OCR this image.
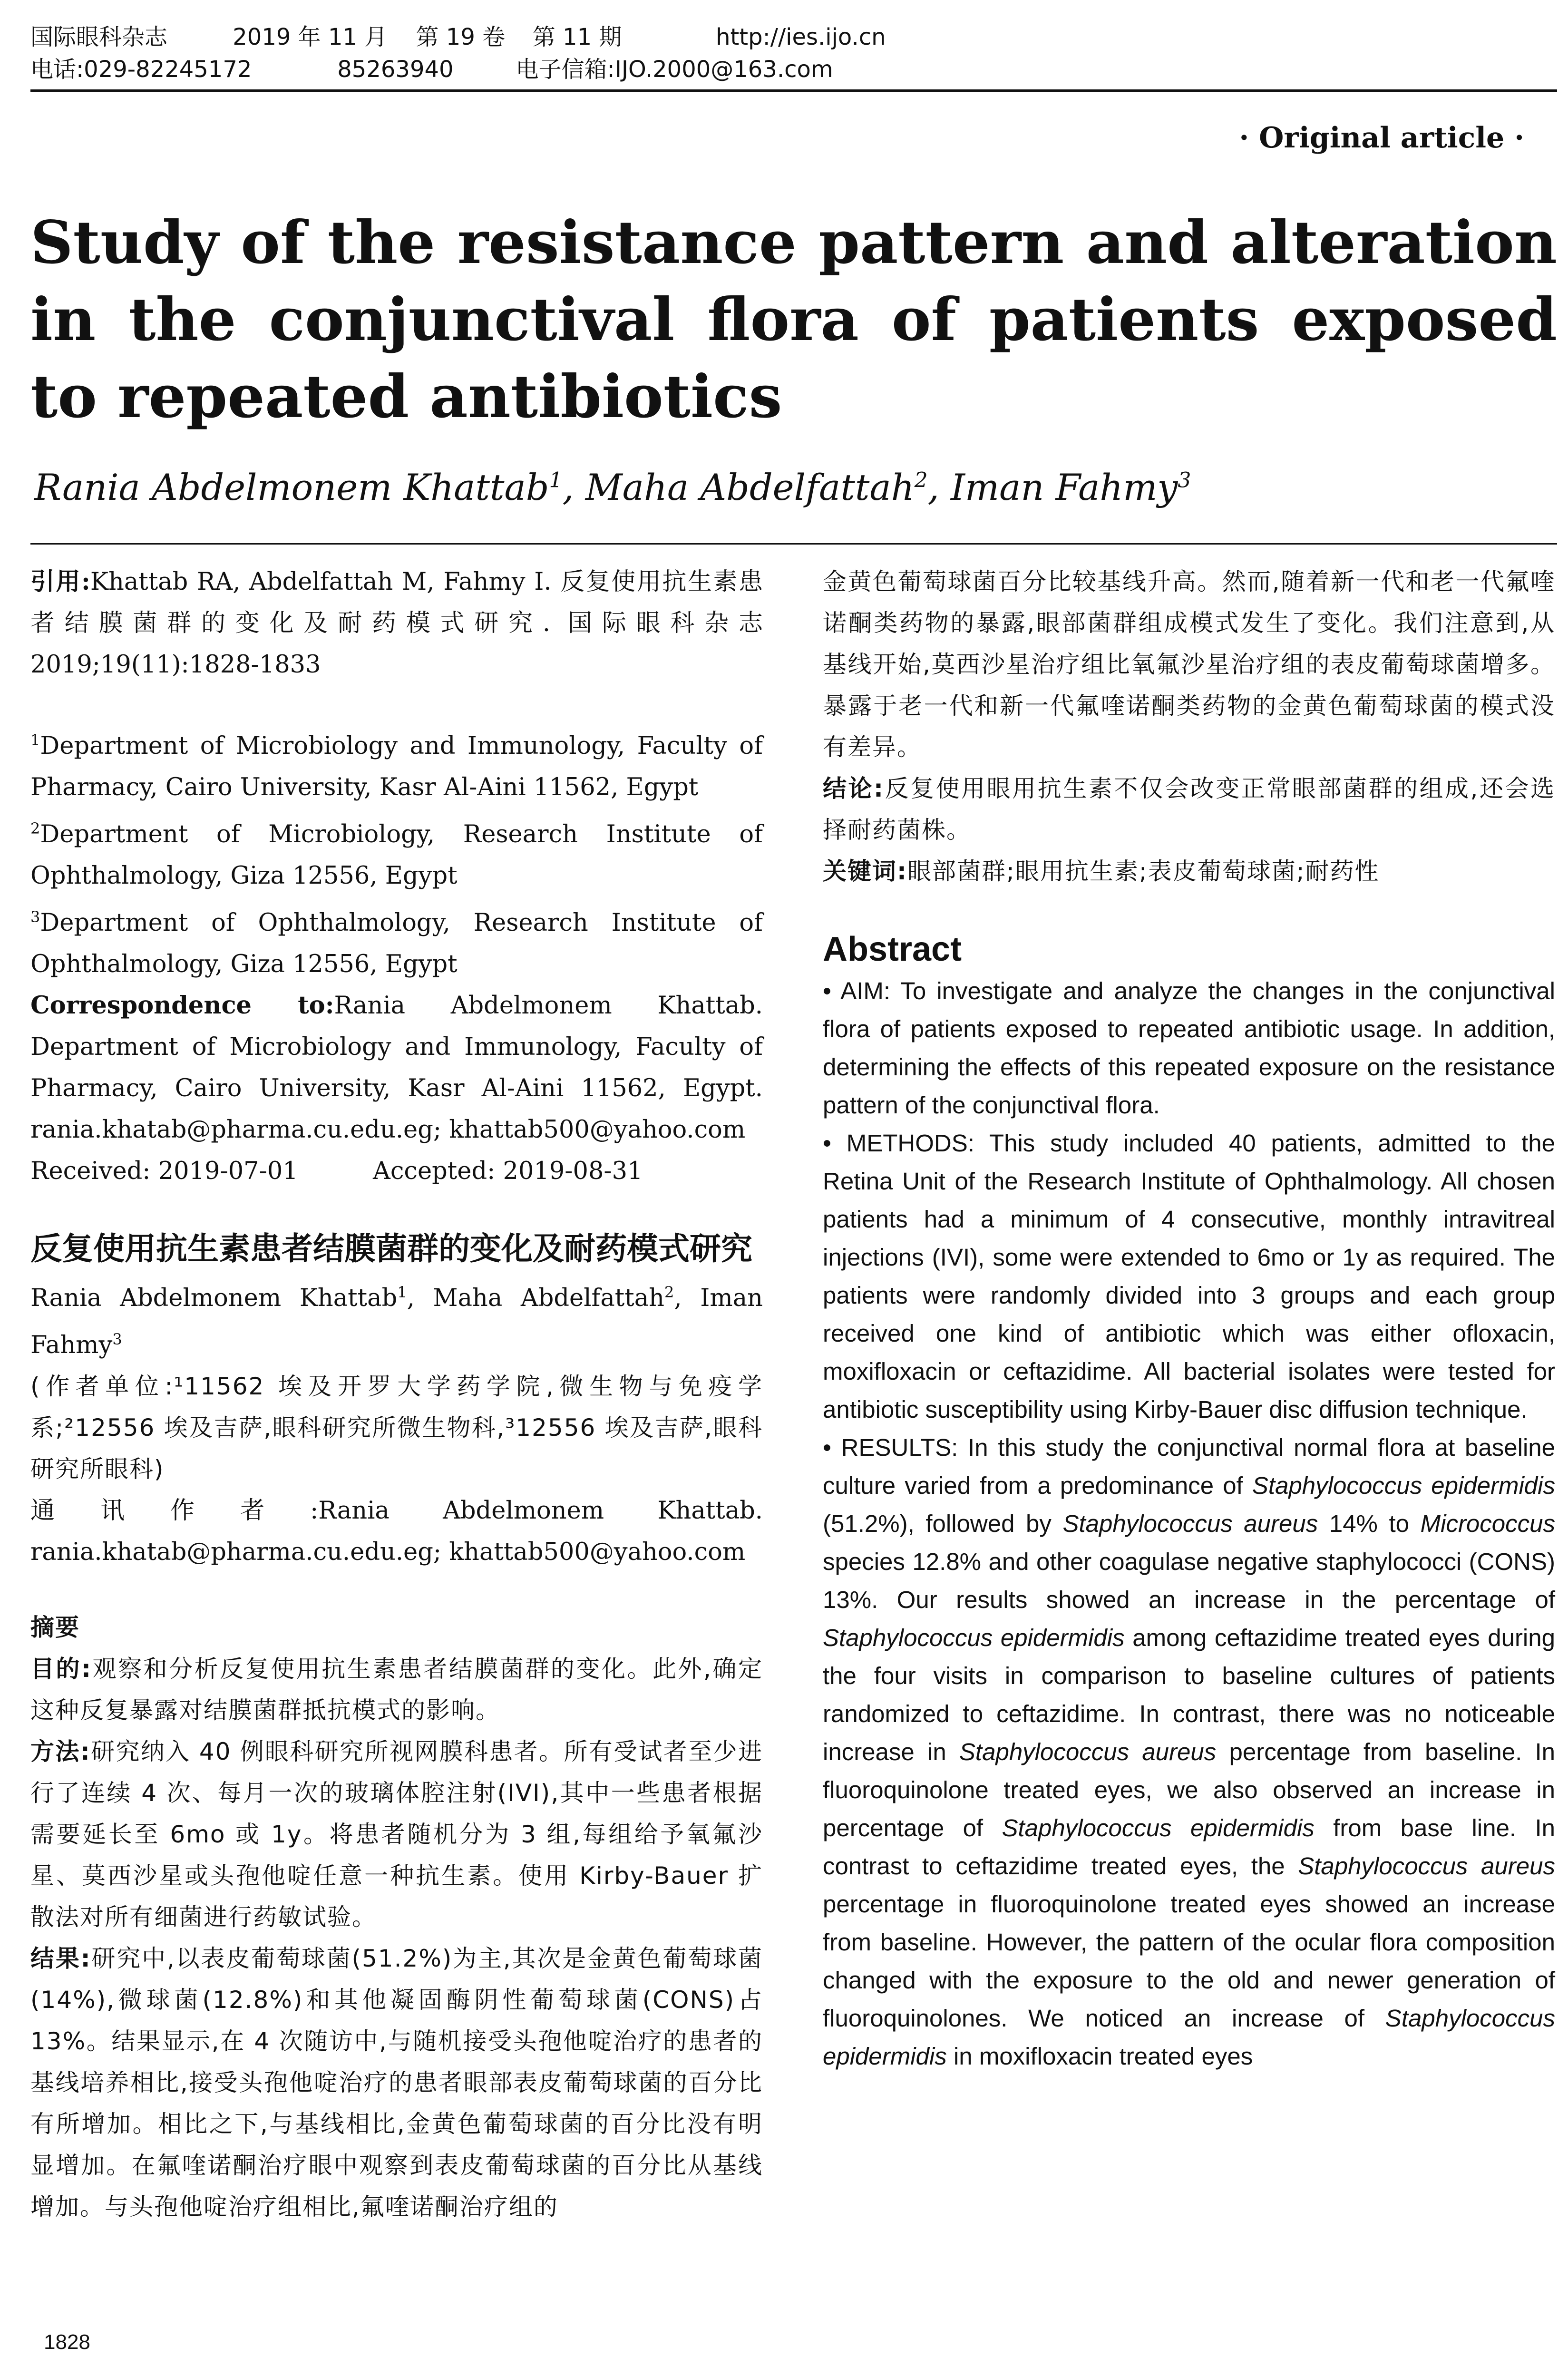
国际眼科杂志	2019 年 11 月 第 19 卷 第 11 期	http://ies.ijo.cn
电话:029-82245172	85263940	电子信箱:IJO.2000@163.com
· Original article ·
Study of the resistance pattern and alteration in the conjunctival flora of patients exposed to repeated antibiotics
Rania Abdelmonem Khattab$^1$, Maha Abdelfattah$^2$, Iman Fahmy$^3$

引用:Khattab RA, Abdelfattah M, Fahmy I. 反复使用抗生素患者结膜菌群的变化及耐药模式研究. 国际眼科杂志 2019;19(11):1828-1833

$^1$Department of Microbiology and Immunology, Faculty of Pharmacy, Cairo University, Kasr Al-Aini 11562, Egypt

$^2$Department of Microbiology, Research Institute of Ophthalmology, Giza 12556, Egypt

$^3$Department of Ophthalmology, Research Institute of Ophthalmology, Giza 12556, Egypt

Correspondence to:Rania Abdelmonem Khattab. Department of Microbiology and Immunology, Faculty of Pharmacy, Cairo University, Kasr Al-Aini 11562, Egypt. rania.khatab@pharma.cu.edu.eg; khattab500@yahoo.com

Received: 2019-07-01	Accepted: 2019-08-31

反复使用抗生素患者结膜菌群的变化及耐药模式研究

Rania Abdelmonem Khattab$^1$, Maha Abdelfattah$^2$, Iman Fahmy$^3$

(作者单位:¹11562 埃及开罗大学药学院,微生物与免疫学系;²12556 埃及吉萨,眼科研究所微生物科,³12556 埃及吉萨,眼科研究所眼科)

通讯作者:Rania Abdelmonem Khattab. rania.khatab@pharma.cu.edu.eg; khattab500@yahoo.com

摘要

目的:观察和分析反复使用抗生素患者结膜菌群的变化。此外,确定这种反复暴露对结膜菌群抵抗模式的影响。

方法:研究纳入 40 例眼科研究所视网膜科患者。所有受试者至少进行了连续 4 次、每月一次的玻璃体腔注射(IVI),其中一些患者根据需要延长至 6mo 或 1y。将患者随机分为 3 组,每组给予氧氟沙星、莫西沙星或头孢他啶任意一种抗生素。使用 Kirby-Bauer 扩散法对所有细菌进行药敏试验。

结果:研究中,以表皮葡萄球菌(51.2%)为主,其次是金黄色葡萄球菌(14%),微球菌(12.8%)和其他凝固酶阴性葡萄球菌(CONS)占 13%。结果显示,在 4 次随访中,与随机接受头孢他啶治疗的患者的基线培养相比,接受头孢他啶治疗的患者眼部表皮葡萄球菌的百分比有所增加。相比之下,与基线相比,金黄色葡萄球菌的百分比没有明显增加。在氟喹诺酮治疗眼中观察到表皮葡萄球菌的百分比从基线增加。与头孢他啶治疗组相比,氟喹诺酮治疗组的

金黄色葡萄球菌百分比较基线升高。然而,随着新一代和老一代氟喹诺酮类药物的暴露,眼部菌群组成模式发生了变化。我们注意到,从基线开始,莫西沙星治疗组比氧氟沙星治疗组的表皮葡萄球菌增多。暴露于老一代和新一代氟喹诺酮类药物的金黄色葡萄球菌的模式没有差异。

结论:反复使用眼用抗生素不仅会改变正常眼部菌群的组成,还会选择耐药菌株。

关键词:眼部菌群;眼用抗生素;表皮葡萄球菌;耐药性

Abstract

• AIM: To investigate and analyze the changes in the conjunctival flora of patients exposed to repeated antibiotic usage. In addition, determining the effects of this repeated exposure on the resistance pattern of the conjunctival flora.

• METHODS: This study included 40 patients, admitted to the Retina Unit of the Research Institute of Ophthalmology. All chosen patients had a minimum of 4 consecutive, monthly intravitreal injections (IVI), some were extended to 6mo or 1y as required. The patients were randomly divided into 3 groups and each group received one kind of antibiotic which was either ofloxacin, moxifloxacin or ceftazidime. All bacterial isolates were tested for antibiotic susceptibility using Kirby-Bauer disc diffusion technique.

• RESULTS: In this study the conjunctival normal flora at baseline culture varied from a predominance of Staphylococcus epidermidis (51.2%), followed by Staphylococcus aureus 14% to Micrococcus species 12.8% and other coagulase negative staphylococci (CONS) 13%. Our results showed an increase in the percentage of Staphylococcus epidermidis among ceftazidime treated eyes during the four visits in comparison to baseline cultures of patients randomized to ceftazidime. In contrast, there was no noticeable increase in Staphylococcus aureus percentage from baseline. In fluoroquinolone treated eyes, we also observed an increase in percentage of Staphylococcus epidermidis from base line. In contrast to ceftazidime treated eyes, the Staphylococcus aureus percentage in fluoroquinolone treated eyes showed an increase from baseline. However, the pattern of the ocular flora composition changed with the exposure to the old and newer generation of fluoroquinolones. We noticed an increase of Staphylococcus epidermidis in moxifloxacin treated eyes

1828
